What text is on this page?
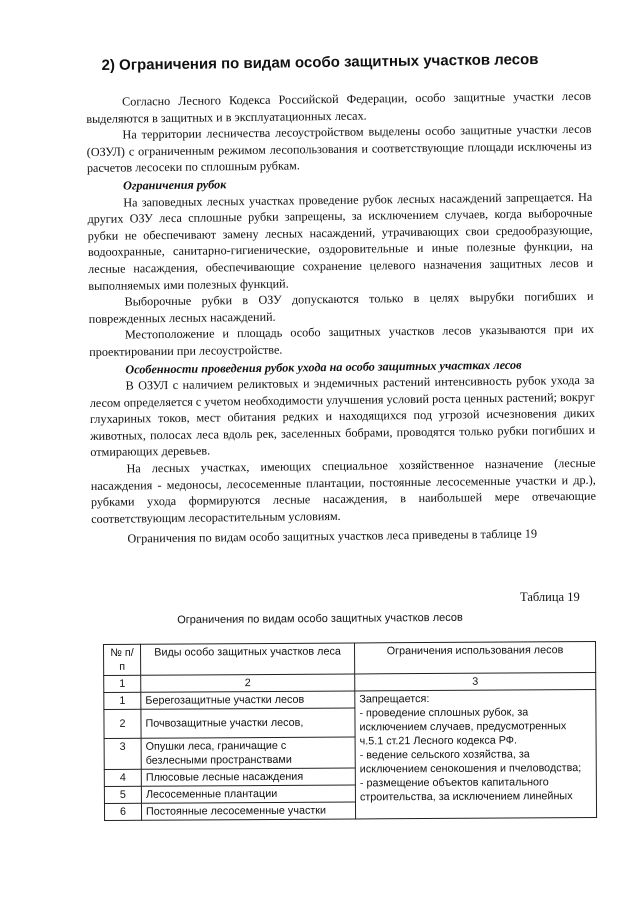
2) Ограничения по видам особо защитных участков лесов

Согласно Лесного Кодекса Российской Федерации, особо защитные участки лесов выделяются в защитных и в эксплуатационных лесах.

На территории лесничества лесоустройством выделены особо защитные участки лесов (ОЗУЛ) с ограниченным режимом лесопользования и соответствующие площади исключены из расчетов лесосеки по сплошным рубкам.

Ограничения рубок

На заповедных лесных участках проведение рубок лесных насаждений запрещается. На других ОЗУ леса сплошные рубки запрещены, за исключением случаев, когда выборочные рубки не обеспечивают замену лесных насаждений, утрачивающих свои средообразующие, водоохранные, санитарно-гигиенические, оздоровительные и иные полезные функции, на лесные насаждения, обеспечивающие сохранение целевого назначения защитных лесов и выполняемых ими полезных функций.

Выборочные рубки в ОЗУ допускаются только в целях вырубки погибших и поврежденных лесных насаждений.

Местоположение и площадь особо защитных участков лесов указываются при их проектировании при лесоустройстве.

Особенности проведения рубок ухода на особо защитных участках лесов

В ОЗУЛ с наличием реликтовых и эндемичных растений интенсивность рубок ухода за лесом определяется с учетом необходимости улучшения условий роста ценных растений; вокруг глухариных токов, мест обитания редких и находящихся под угрозой исчезновения диких животных, полосах леса вдоль рек, заселенных бобрами, проводятся только рубки погибших и отмирающих деревьев.

На лесных участках, имеющих специальное хозяйственное назначение (лесные насаждения - медоносы, лесосеменные плантации, постоянные лесосеменные участки и др.), рубками ухода формируются лесные насаждения, в наибольшей мере отвечающие соответствующим лесорастительным условиям.

Ограничения по видам особо защитных участков леса приведены в таблице 19

Таблица 19
Ограничения по видам особо защитных участков лесов
№ п/п	Виды особо защитных участков леса	Ограничения использования лесов
1	2	3
1	Берегозащитные участки лесов	Запрещается:
- проведение сплошных рубок, за исключением случаев, предусмотренных ч.5.1 ст.21 Лесного кодекса РФ.
- ведение сельского хозяйства, за исключением сенокошения и пчеловодства;
- размещение объектов капитального строительства, за исключением линейных

2	Почвозащитные участки лесов,	
3	Опушки леса, граничащие с безлесными пространствами	
4	Плюсовые лесные насаждения	
5	Лесосеменные плантации	
6	Постоянные лесосеменные участки	
